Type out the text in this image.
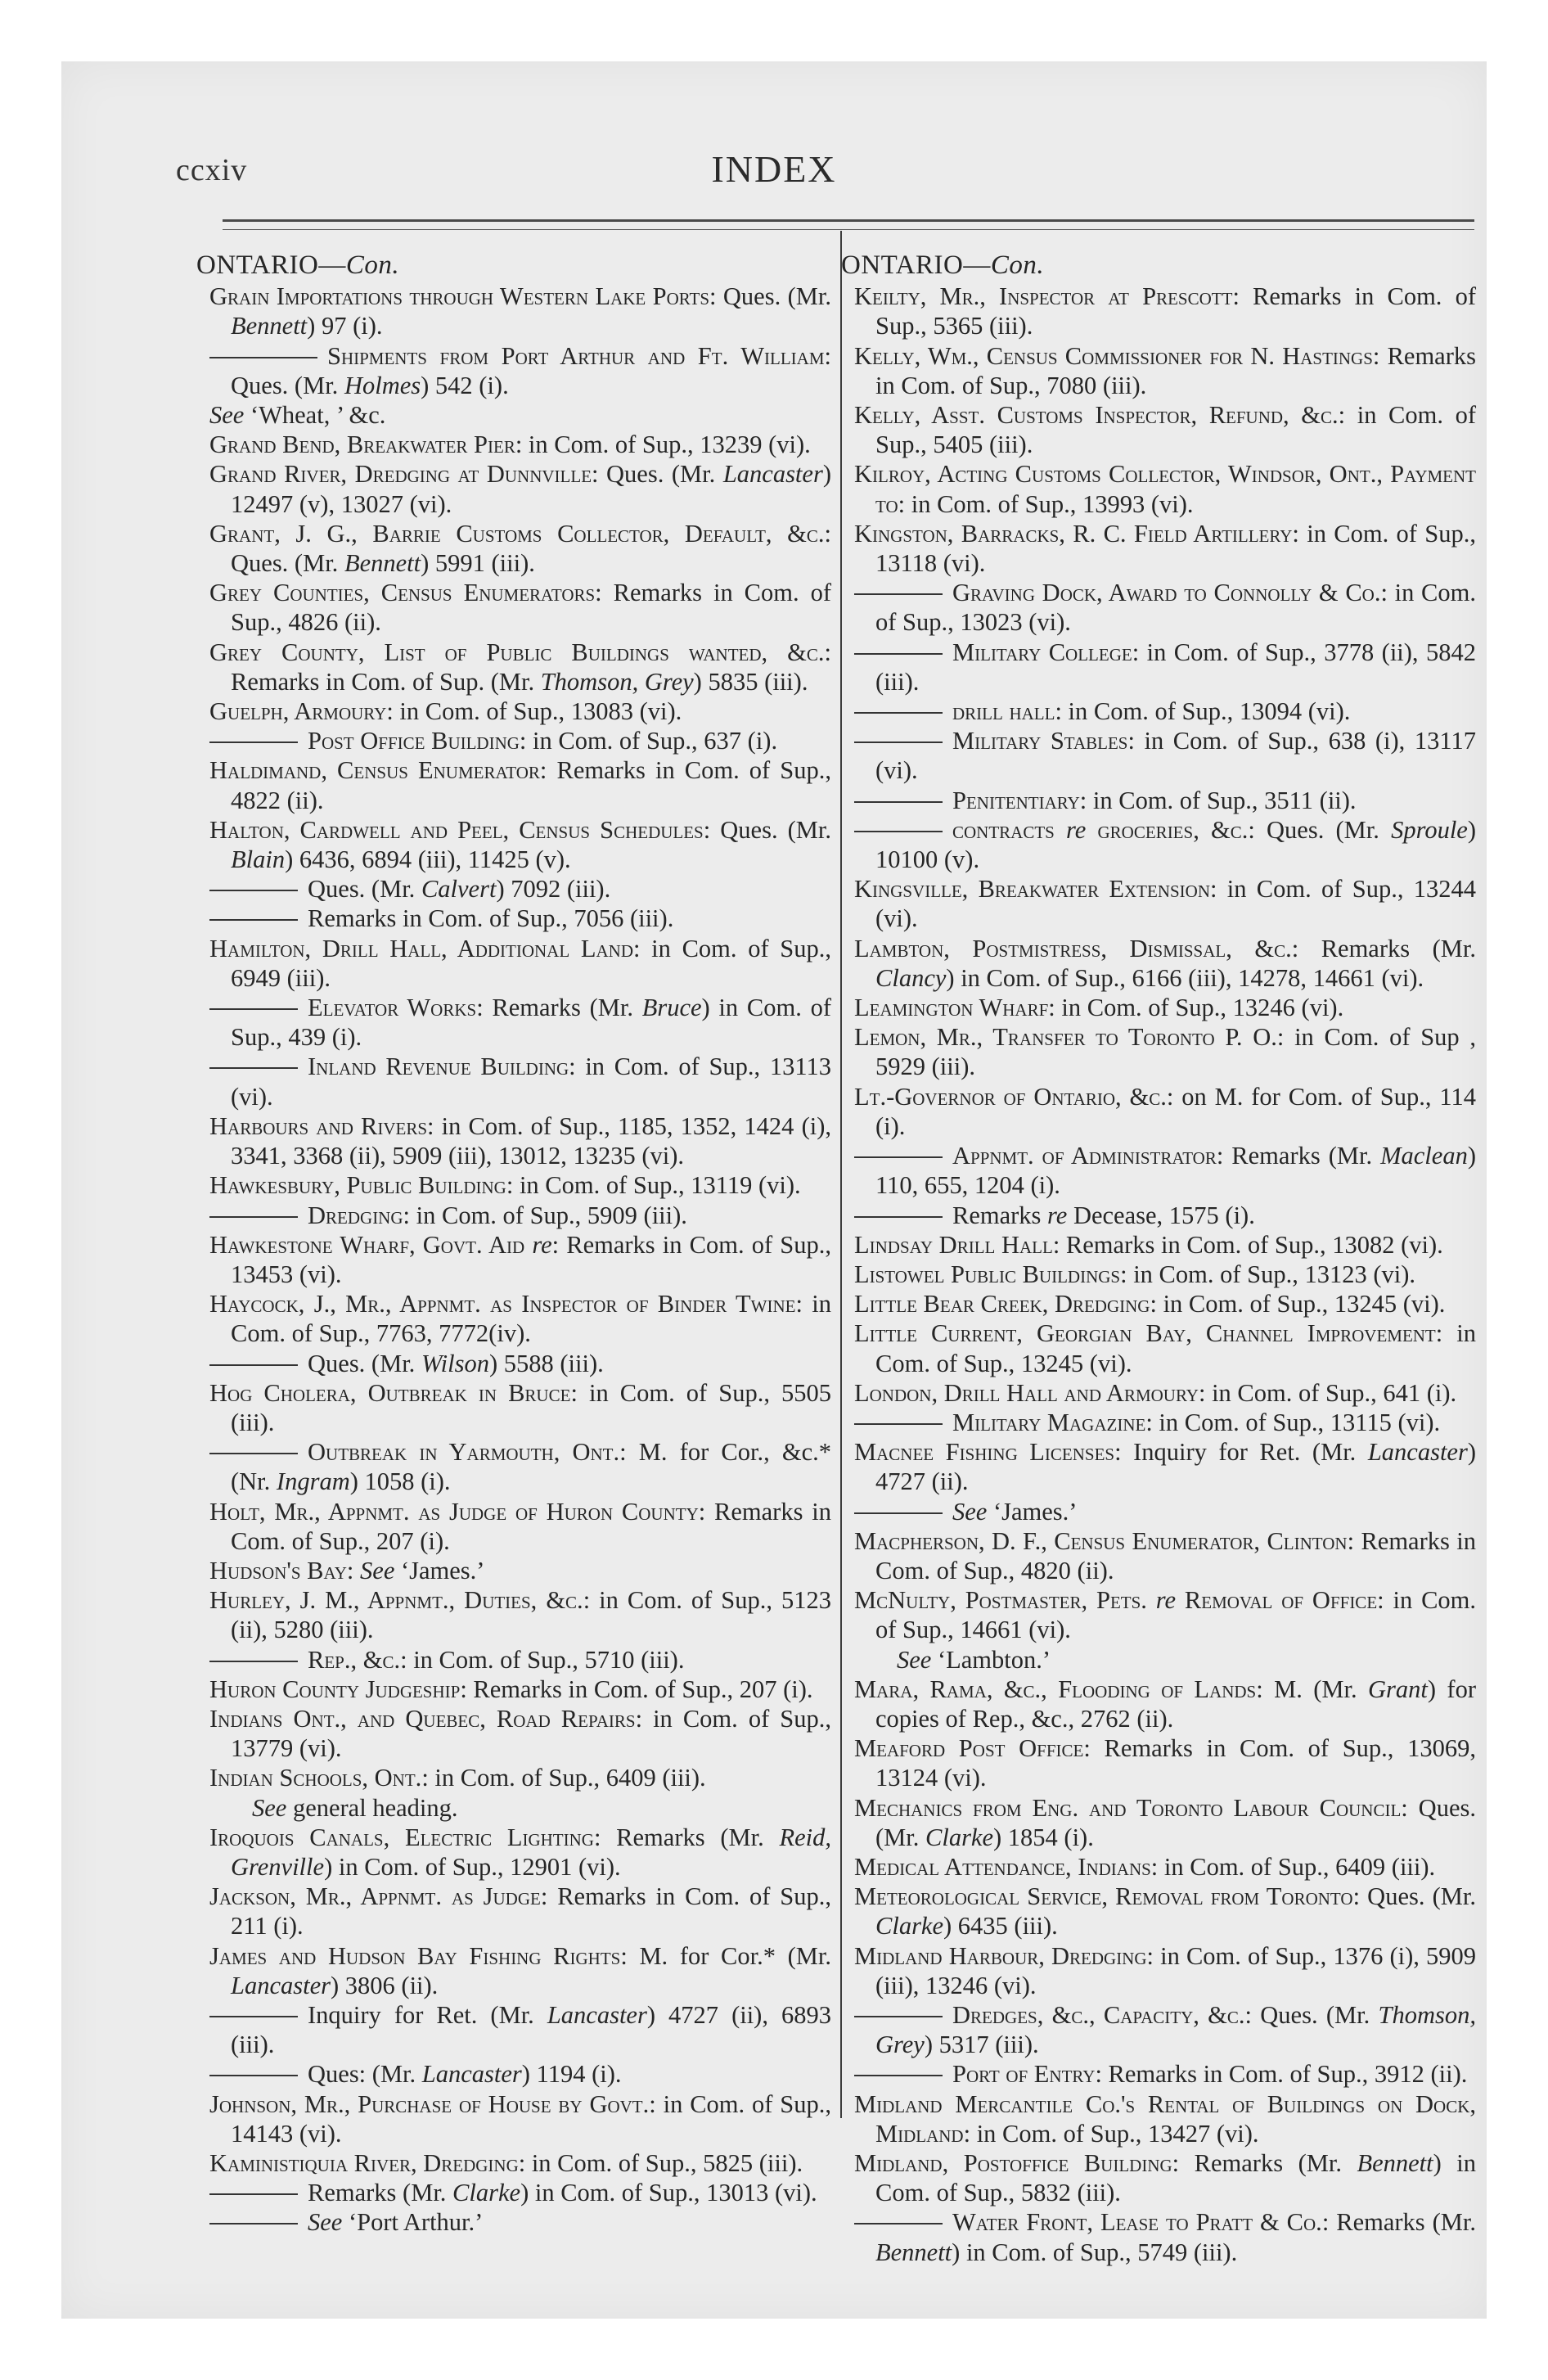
ccxiv	INDEX

ONTARIO—Con.

Grain Importations through Western Lake Ports: Ques. (Mr. Bennett) 97 (i).

Shipments from Port Arthur and Ft. William: Ques. (Mr. Holmes) 542 (i).

See ‘Wheat, ’ &c.

Grand Bend, Breakwater Pier: in Com. of Sup., 13239 (vi).

Grand River, Dredging at Dunnville: Ques. (Mr. Lancaster) 12497 (v), 13027 (vi).

Grant, J. G., Barrie Customs Collector, Default, &c.: Ques. (Mr. Bennett) 5991 (iii).

Grey Counties, Census Enumerators: Remarks in Com. of Sup., 4826 (ii).

Grey County, List of Public Buildings wanted, &c.: Remarks in Com. of Sup. (Mr. Thomson, Grey) 5835 (iii).

Guelph, Armoury: in Com. of Sup., 13083 (vi).

Post Office Building: in Com. of Sup., 637 (i).

Haldimand, Census Enumerator: Remarks in Com. of Sup., 4822 (ii).

Halton, Cardwell and Peel, Census Schedules: Ques. (Mr. Blain) 6436, 6894 (iii), 11425 (v).

Ques. (Mr. Calvert) 7092 (iii).

Remarks in Com. of Sup., 7056 (iii).

Hamilton, Drill Hall, Additional Land: in Com. of Sup., 6949 (iii).

Elevator Works: Remarks (Mr. Bruce) in Com. of Sup., 439 (i).

Inland Revenue Building: in Com. of Sup., 13113 (vi).

Harbours and Rivers: in Com. of Sup., 1185, 1352, 1424 (i), 3341, 3368 (ii), 5909 (iii), 13012, 13235 (vi).

Hawkesbury, Public Building: in Com. of Sup., 13119 (vi).

Dredging: in Com. of Sup., 5909 (iii).

Hawkestone Wharf, Govt. Aid re: Remarks in Com. of Sup., 13453 (vi).

Haycock, J., Mr., Appnmt. as Inspector of Binder Twine: in Com. of Sup., 7763, 7772(iv).

Ques. (Mr. Wilson) 5588 (iii).

Hog Cholera, Outbreak in Bruce: in Com. of Sup., 5505 (iii).

Outbreak in Yarmouth, Ont.: M. for Cor., &c.* (Nr. Ingram) 1058 (i).

Holt, Mr., Appnmt. as Judge of Huron County: Remarks in Com. of Sup., 207 (i).

Hudson's Bay: See ‘James.’

Hurley, J. M., Appnmt., Duties, &c.: in Com. of Sup., 5123 (ii), 5280 (iii).

Rep., &c.: in Com. of Sup., 5710 (iii).

Huron County Judgeship: Remarks in Com. of Sup., 207 (i).

Indians Ont., and Quebec, Road Repairs: in Com. of Sup., 13779 (vi).

Indian Schools, Ont.: in Com. of Sup., 6409 (iii).
See general heading.

Iroquois Canals, Electric Lighting: Remarks (Mr. Reid, Grenville) in Com. of Sup., 12901 (vi).

Jackson, Mr., Appnmt. as Judge: Remarks in Com. of Sup., 211 (i).

James and Hudson Bay Fishing Rights: M. for Cor.* (Mr. Lancaster) 3806 (ii).

Inquiry for Ret. (Mr. Lancaster) 4727 (ii), 6893 (iii).

Ques: (Mr. Lancaster) 1194 (i).

Johnson, Mr., Purchase of House by Govt.: in Com. of Sup., 14143 (vi).

Kaministiquia River, Dredging: in Com. of Sup., 5825 (iii).

Remarks (Mr. Clarke) in Com. of Sup., 13013 (vi).

See ‘Port Arthur.’

ONTARIO—Con.

Keilty, Mr., Inspector at Prescott: Remarks in Com. of Sup., 5365 (iii).

Kelly, Wm., Census Commissioner for N. Hastings: Remarks in Com. of Sup., 7080 (iii).

Kelly, Asst. Customs Inspector, Refund, &c.: in Com. of Sup., 5405 (iii).

Kilroy, Acting Customs Collector, Windsor, Ont., Payment to: in Com. of Sup., 13993 (vi).

Kingston, Barracks, R. C. Field Artillery: in Com. of Sup., 13118 (vi).

Graving Dock, Award to Connolly & Co.: in Com. of Sup., 13023 (vi).

Military College: in Com. of Sup., 3778 (ii), 5842 (iii).

drill hall: in Com. of Sup., 13094 (vi).

Military Stables: in Com. of Sup., 638 (i), 13117 (vi).

Penitentiary: in Com. of Sup., 3511 (ii).

contracts re groceries, &c.: Ques. (Mr. Sproule) 10100 (v).

Kingsville, Breakwater Extension: in Com. of Sup., 13244 (vi).

Lambton, Postmistress, Dismissal, &c.: Remarks (Mr. Clancy) in Com. of Sup., 6166 (iii), 14278, 14661 (vi).

Leamington Wharf: in Com. of Sup., 13246 (vi).

Lemon, Mr., Transfer to Toronto P. O.: in Com. of Sup , 5929 (iii).

Lt.-Governor of Ontario, &c.: on M. for Com. of Sup., 114 (i).

Appnmt. of Administrator: Remarks (Mr. Maclean) 110, 655, 1204 (i).

Remarks re Decease, 1575 (i).

Lindsay Drill Hall: Remarks in Com. of Sup., 13082 (vi).

Listowel Public Buildings: in Com. of Sup., 13123 (vi).

Little Bear Creek, Dredging: in Com. of Sup., 13245 (vi).

Little Current, Georgian Bay, Channel Improvement: in Com. of Sup., 13245 (vi).

London, Drill Hall and Armoury: in Com. of Sup., 641 (i).

Military Magazine: in Com. of Sup., 13115 (vi).

Macnee Fishing Licenses: Inquiry for Ret. (Mr. Lancaster) 4727 (ii).

See ‘James.’

Macpherson, D. F., Census Enumerator, Clinton: Remarks in Com. of Sup., 4820 (ii).

McNulty, Postmaster, Pets. re Removal of Office: in Com. of Sup., 14661 (vi).
See ‘Lambton.’

Mara, Rama, &c., Flooding of Lands: M. (Mr. Grant) for copies of Rep., &c., 2762 (ii).

Meaford Post Office: Remarks in Com. of Sup., 13069, 13124 (vi).

Mechanics from Eng. and Toronto Labour Council: Ques. (Mr. Clarke) 1854 (i).

Medical Attendance, Indians: in Com. of Sup., 6409 (iii).

Meteorological Service, Removal from Toronto: Ques. (Mr. Clarke) 6435 (iii).

Midland Harbour, Dredging: in Com. of Sup., 1376 (i), 5909 (iii), 13246 (vi).

Dredges, &c., Capacity, &c.: Ques. (Mr. Thomson, Grey) 5317 (iii).

Port of Entry: Remarks in Com. of Sup., 3912 (ii).

Midland Mercantile Co.'s Rental of Buildings on Dock, Midland: in Com. of Sup., 13427 (vi).

Midland, Postoffice Building: Remarks (Mr. Bennett) in Com. of Sup., 5832 (iii).

Water Front, Lease to Pratt & Co.: Remarks (Mr. Bennett) in Com. of Sup., 5749 (iii).
